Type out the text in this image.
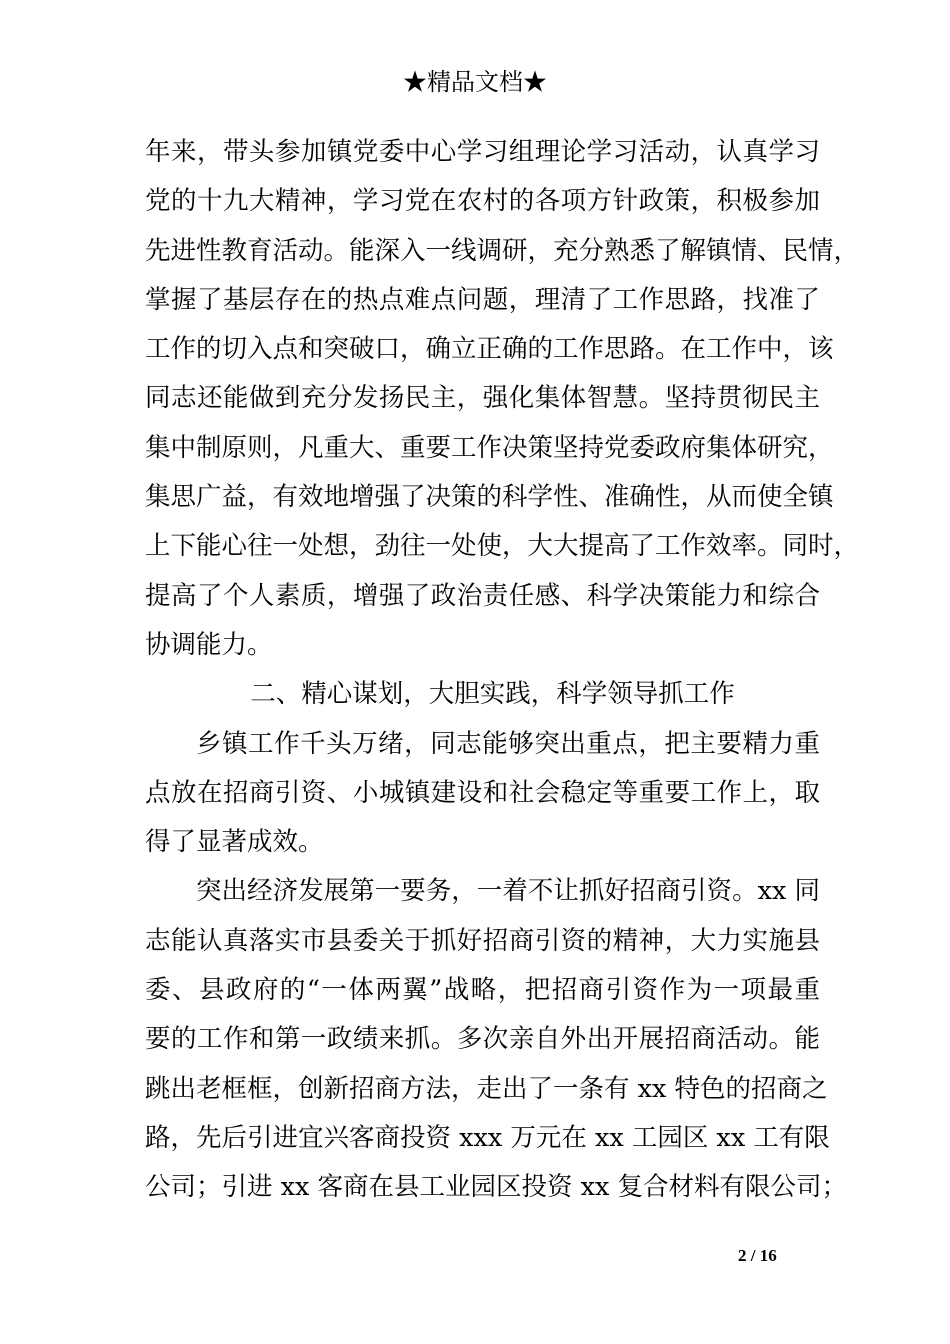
★精品文档★
年来，带头参加镇党委中心学习组理论学习活动，认真学习
党的十九大精神，学习党在农村的各项方针政策，积极参加
先进性教育活动。能深入一线调研，充分熟悉了解镇情、民情，
掌握了基层存在的热点难点问题，理清了工作思路，找准了
工作的切入点和突破口，确立正确的工作思路。在工作中，该
同志还能做到充分发扬民主，强化集体智慧。坚持贯彻民主
集中制原则，凡重大、重要工作决策坚持党委政府集体研究，
集思广益，有效地增强了决策的科学性、准确性，从而使全镇
上下能心往一处想，劲往一处使，大大提高了工作效率。同时，
提高了个人素质，增强了政治责任感、科学决策能力和综合
协调能力。
二、精心谋划，大胆实践，科学领导抓工作
乡镇工作千头万绪，同志能够突出重点，把主要精力重
点放在招商引资、小城镇建设和社会稳定等重要工作上，取
得了显著成效。
突出经济发展第一要务，一着不让抓好招商引资。xx 同
志能认真落实市县委关于抓好招商引资的精神，大力实施县
委、县政府的“一体两翼”战略，把招商引资作为一项最重
要的工作和第一政绩来抓。多次亲自外出开展招商活动。能
跳出老框框，创新招商方法，走出了一条有 xx 特色的招商之
路，先后引进宜兴客商投资 xxx 万元在 xx 工园区 xx 工有限
公司；引进 xx 客商在县工业园区投资 xx 复合材料有限公司；
2 / 16
